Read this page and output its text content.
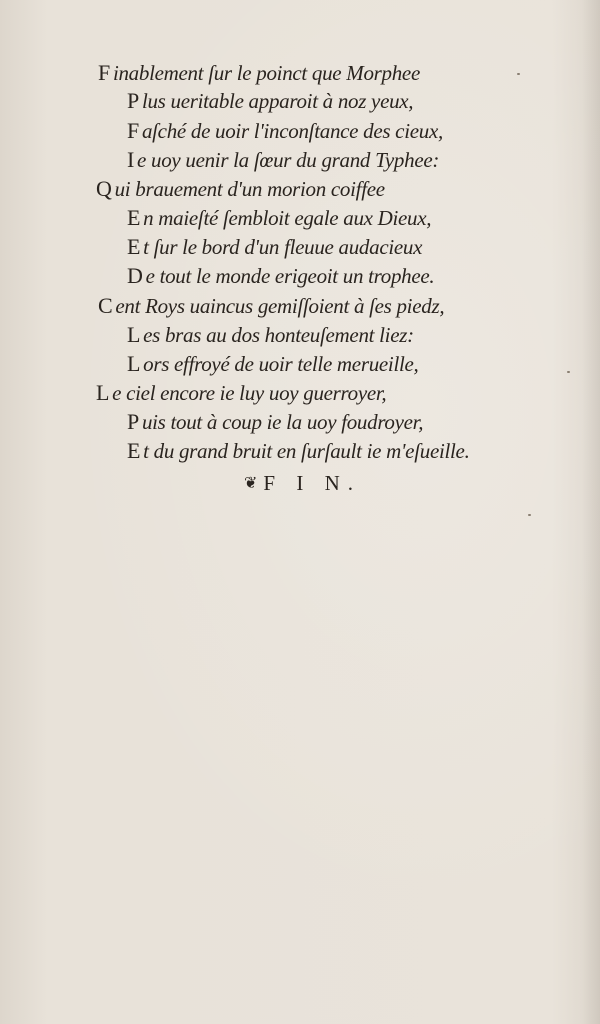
F inablement ſur le poinct que Morphee
P lus ueritable apparoit à noz yeux,
F aſché de uoir l'inconſtance des cieux,
I e uoy uenir la ſœur du grand Typhee:
Q ui brauement d'un morion coiffee
E n maieſté ſembloit egale aux Dieux,
E t ſur le bord d'un fleuue audacieux
D e tout le monde erigeoit un trophee.
C ent Roys uaincus gemiſſoient à ſes piedz,
L es bras au dos honteuſement liez:
L ors effroyé de uoir telle merueille,
L e ciel encore ie luy uoy guerroyer,
P uis tout à coup ie la uoy foudroyer,
E t du grand bruit en ſurſault ie m'eſueille.
❦ F I N.
